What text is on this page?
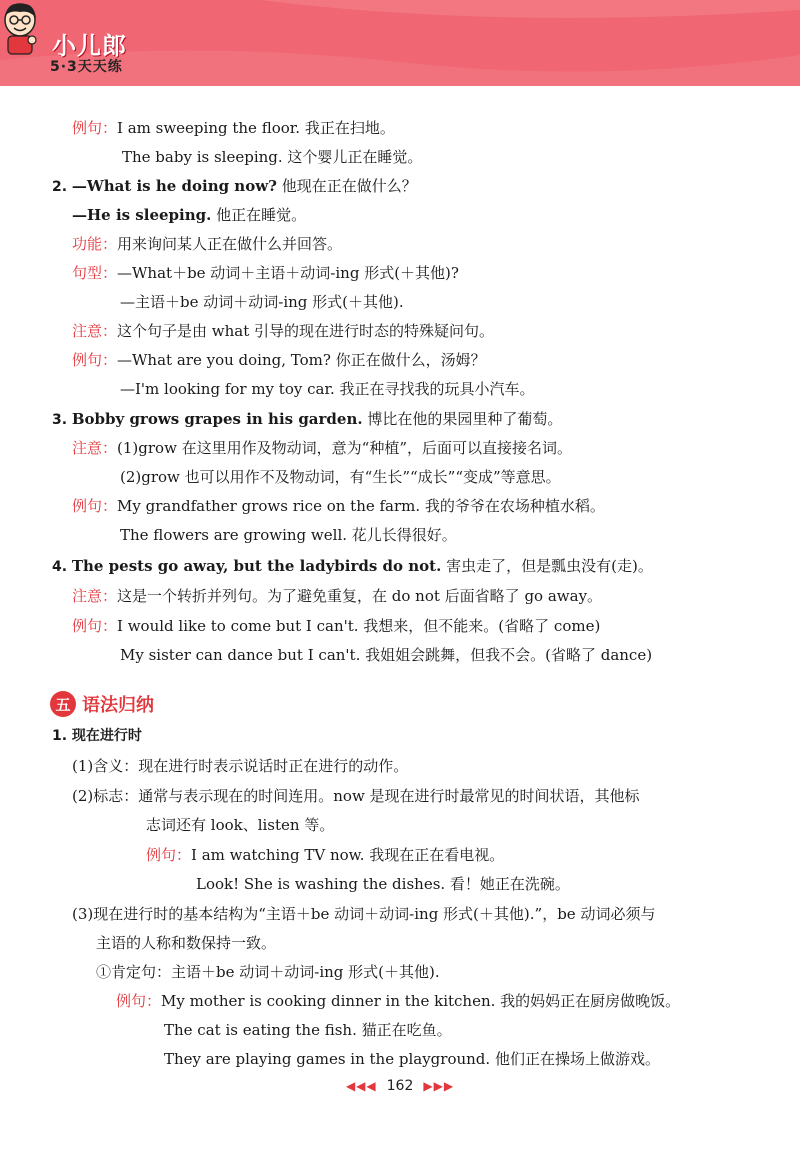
小儿郎
5·3天天练
例句：I am sweeping the floor. 我正在扫地。
The baby is sleeping. 这个婴儿正在睡觉。
2. —What is he doing now? 他现在正在做什么？
—He is sleeping. 他正在睡觉。
功能：用来询问某人正在做什么并回答。
句型：—What＋be 动词＋主语＋动词-ing 形式(＋其他)?
—主语＋be 动词＋动词-ing 形式(＋其他).
注意：这个句子是由 what 引导的现在进行时态的特殊疑问句。
例句：—What are you doing, Tom? 你正在做什么，汤姆？
—I'm looking for my toy car. 我正在寻找我的玩具小汽车。
3. Bobby grows grapes in his garden. 博比在他的果园里种了葡萄。
注意：(1)grow 在这里用作及物动词，意为“种植”，后面可以直接接名词。
(2)grow 也可以用作不及物动词，有“生长”“成长”“变成”等意思。
例句：My grandfather grows rice on the farm. 我的爷爷在农场种植水稻。
The flowers are growing well. 花儿长得很好。
4. The pests go away, but the ladybirds do not. 害虫走了，但是瓢虫没有(走)。
注意：这是一个转折并列句。为了避免重复，在 do not 后面省略了 go away。
例句：I would like to come but I can't. 我想来，但不能来。(省略了 come)
My sister can dance but I can't. 我姐姐会跳舞，但我不会。(省略了 dance)
五 语法归纳
1. 现在进行时
(1)含义：现在进行时表示说话时正在进行的动作。
(2)标志：通常与表示现在的时间连用。now 是现在进行时最常见的时间状语，其他标
志词还有 look、listen 等。
例句：I am watching TV now. 我现在正在看电视。
Look! She is washing the dishes. 看！她正在洗碗。
(3)现在进行时的基本结构为“主语＋be 动词＋动词-ing 形式(＋其他).”，be 动词必须与
主语的人称和数保持一致。
①肯定句：主语＋be 动词＋动词-ing 形式(＋其他).
例句：My mother is cooking dinner in the kitchen. 我的妈妈正在厨房做晚饭。
The cat is eating the fish. 猫正在吃鱼。
They are playing games in the playground. 他们正在操场上做游戏。
◀◀◀ 162 ▶▶▶
